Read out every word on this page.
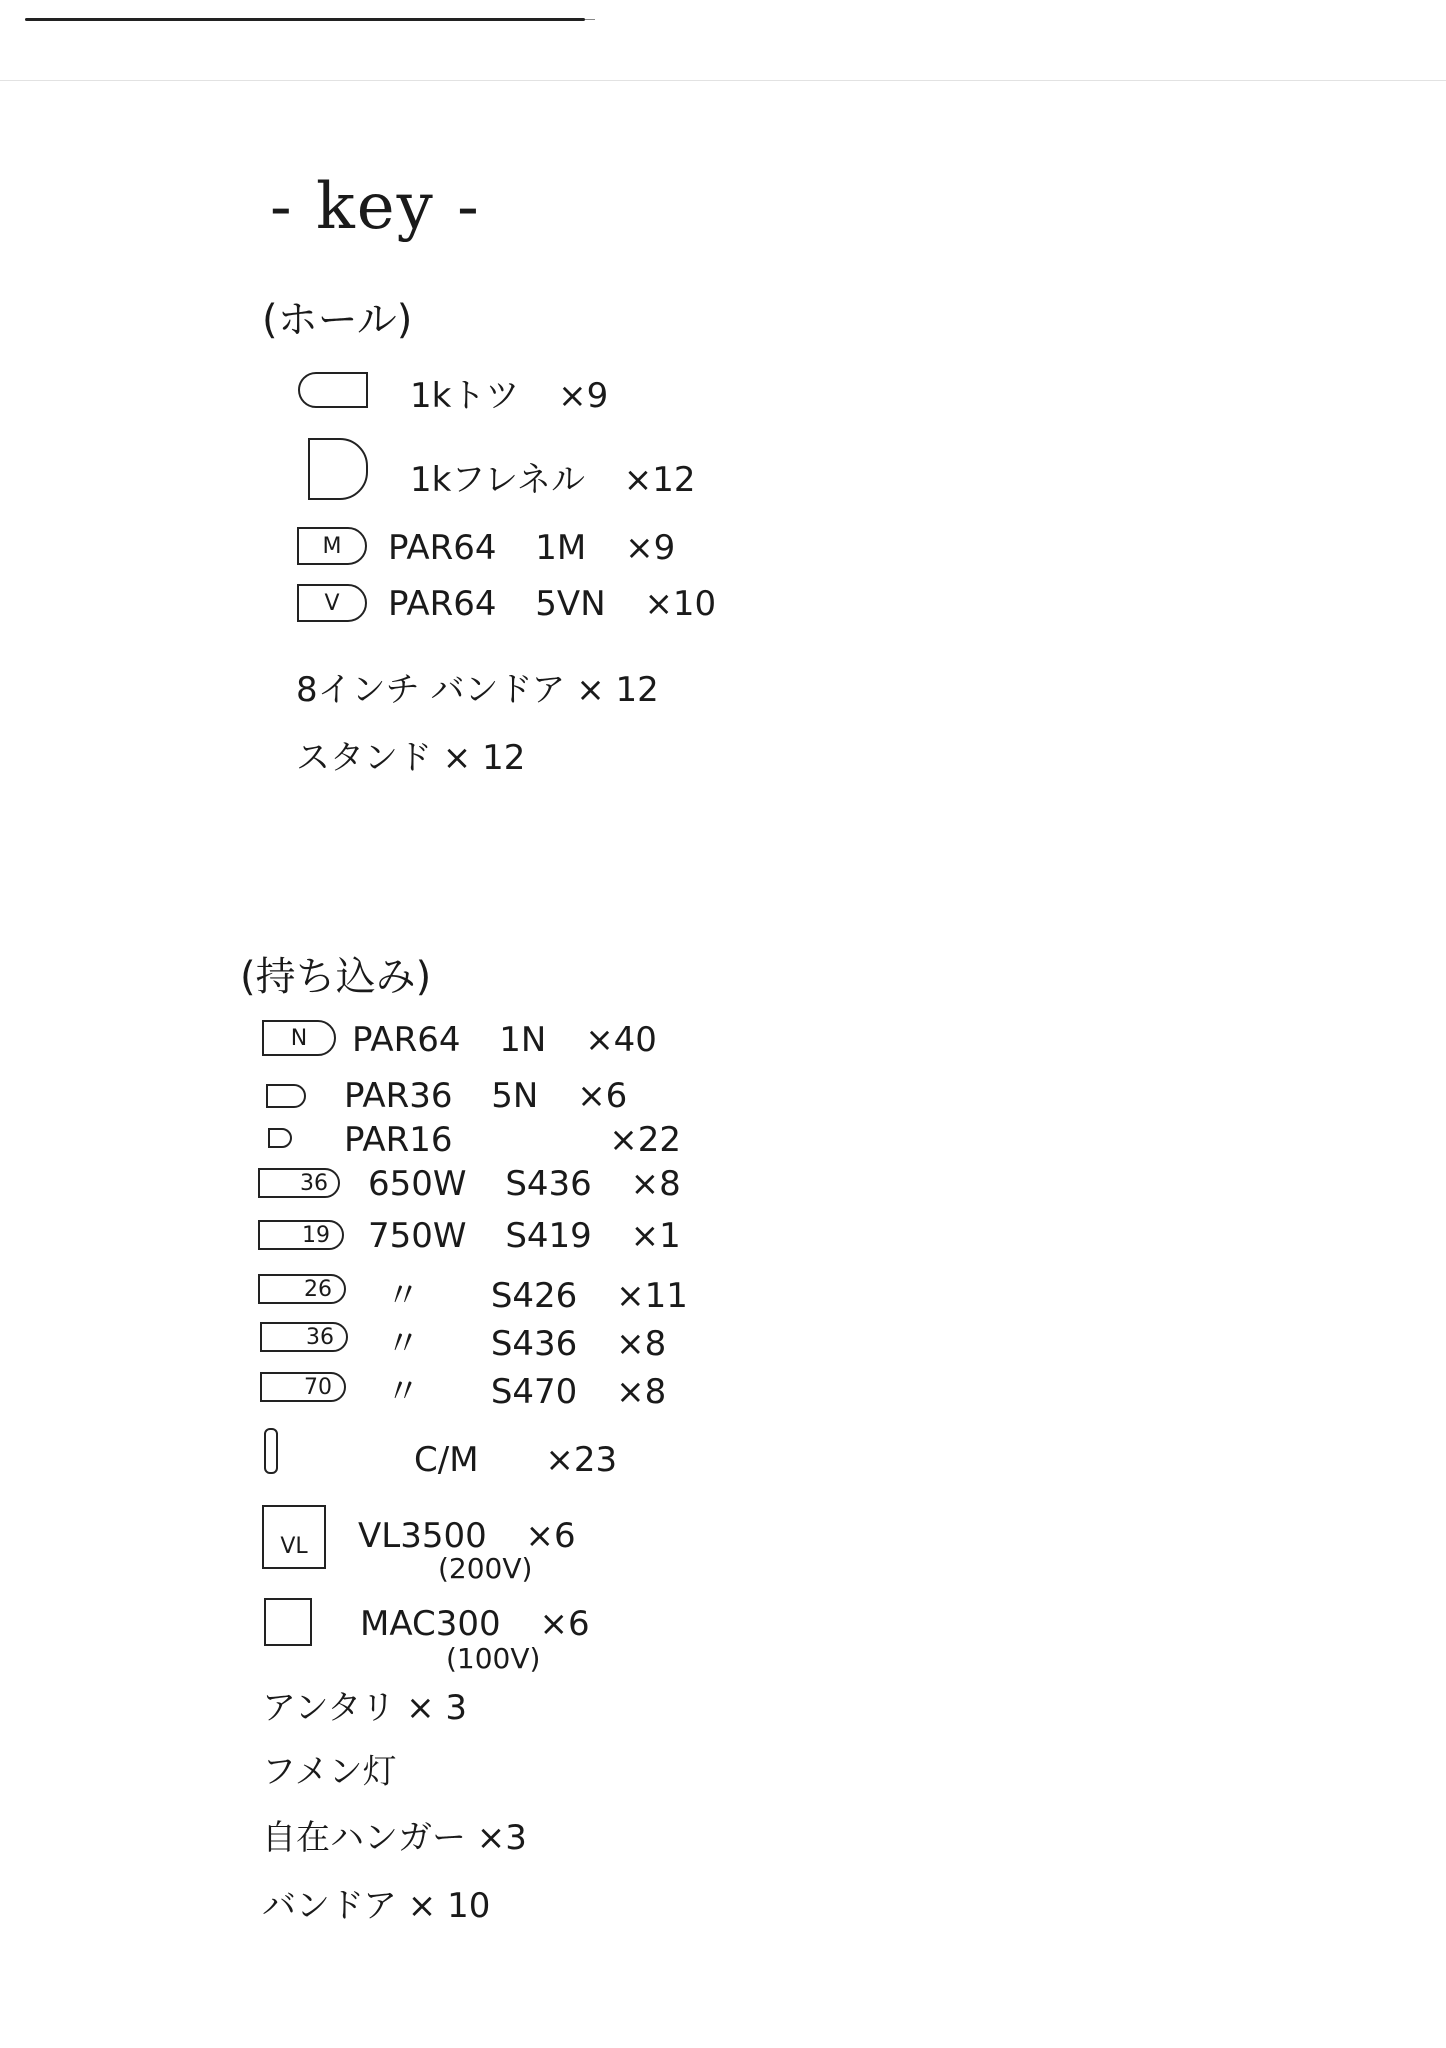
- key -
(ホール)
1kトツ ×9
1kフレネル ×12
M PAR64 1M ×9
V PAR64 5VN ×10
8インチ バンドア × 12
スタンド × 12
(持ち込み)
N PAR64 1N ×40
PAR36 5N ×6
PAR16	×22
36 650W S436 ×8
19 750W S419 ×1
26 〃 S426 ×11
36 〃 S436 ×8
70 〃 S470 ×8
C/M ×23
VL VL3500 ×6
(200V)
MAC300 ×6
(100V)
アンタリ × 3
フメン灯
自在ハンガー ×3
バンドア × 10
